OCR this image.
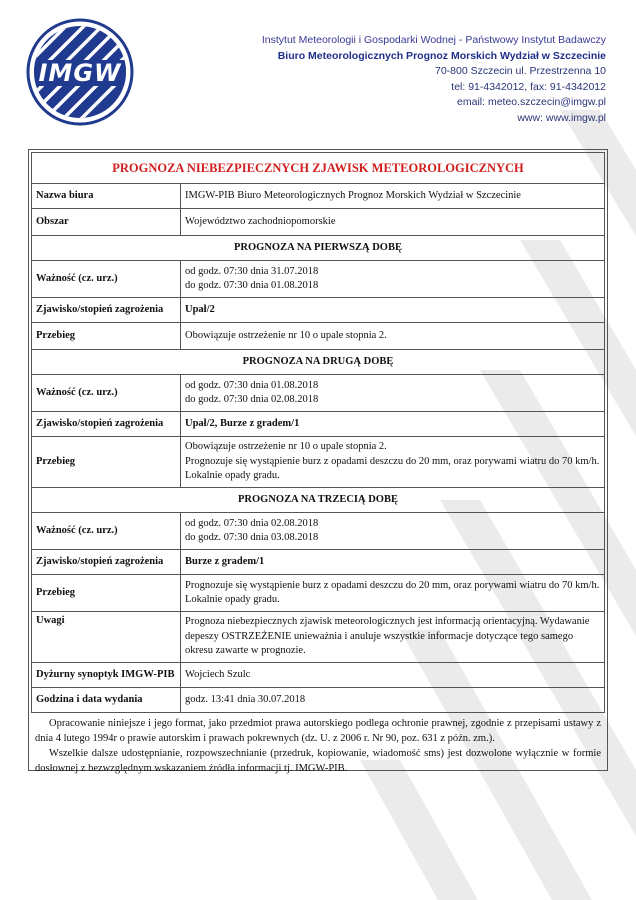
IMGW
Instytut Meteorologii i Gospodarki Wodnej - Państwowy Instytut Badawczy
Biuro Meteorologicznych Prognoz Morskich Wydział w Szczecinie
70-800 Szczecin ul. Przestrzenna 10
tel: 91-4342012, fax: 91-4342012
email: meteo.szczecin@imgw.pl
www: www.imgw.pl
PROGNOZA NIEBEZPIECZNYCH ZJAWISK METEOROLOGICZNYCH	
Nazwa biura	IMGW-PIB Biuro Meteorologicznych Prognoz Morskich Wydział w Szczecinie
Obszar	Województwo zachodniopomorskie
PROGNOZA NA PIERWSZĄ DOBĘ	
Ważność (cz. urz.)	od godz. 07:30 dnia 31.07.2018
do godz. 07:30 dnia 01.08.2018

Zjawisko/stopień zagrożenia	Upał/2
Przebieg	Obowiązuje ostrzeżenie nr 10 o upale stopnia 2.
PROGNOZA NA DRUGĄ DOBĘ	
Ważność (cz. urz.)	od godz. 07:30 dnia 01.08.2018
do godz. 07:30 dnia 02.08.2018

Zjawisko/stopień zagrożenia	Upał/2, Burze z gradem/1
Przebieg	Obowiązuje ostrzeżenie nr 10 o upale stopnia 2.
Prognozuje się wystąpienie burz z opadami deszczu do 20 mm, oraz porywami wiatru do 70 km/h. Lokalnie opady gradu.

PROGNOZA NA TRZECIĄ DOBĘ	
Ważność (cz. urz.)	od godz. 07:30 dnia 02.08.2018
do godz. 07:30 dnia 03.08.2018

Zjawisko/stopień zagrożenia	Burze z gradem/1
Przebieg	Prognozuje się wystąpienie burz z opadami deszczu do 20 mm, oraz porywami wiatru do 70 km/h. Lokalnie opady gradu.
Uwagi	Prognoza niebezpiecznych zjawisk meteorologicznych jest informacją orientacyjną. Wydawanie depeszy OSTRZEŻENIE unieważnia i anuluje wszystkie informacje dotyczące tego samego okresu zawarte w prognozie.
Dyżurny synoptyk IMGW-PIB	Wojciech Szulc
Godzina i data wydania	godz. 13:41 dnia 30.07.2018

Opracowanie niniejsze i jego format, jako przedmiot prawa autorskiego podlega ochronie prawnej, zgodnie z przepisami ustawy z dnia 4 lutego 1994r o prawie autorskim i prawach pokrewnych (dz. U. z 2006 r. Nr 90, poz. 631 z późn. zm.).

Wszelkie dalsze udostępnianie, rozpowszechnianie (przedruk, kopiowanie, wiadomość sms) jest dozwolone wyłącznie w formie dosłownej z bezwzględnym wskazaniem źródła informacji tj. IMGW-PIB.
